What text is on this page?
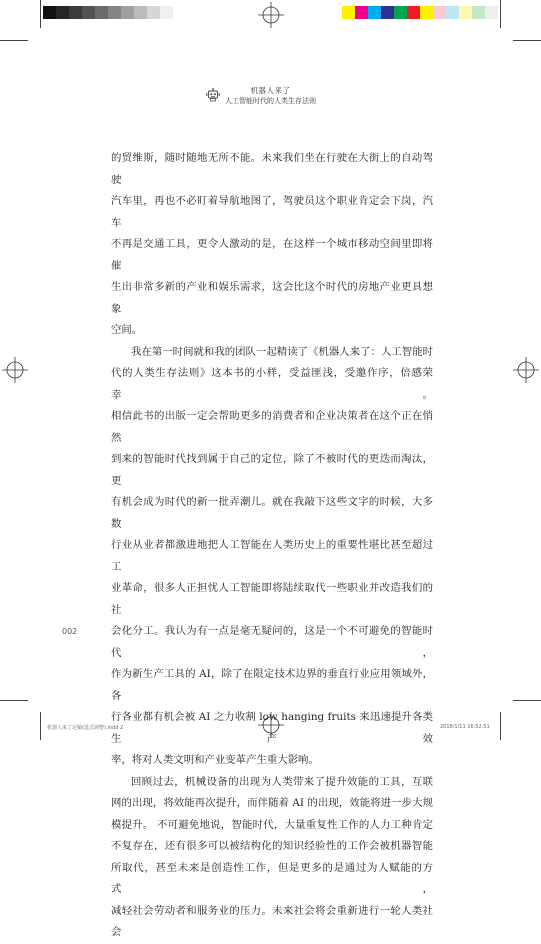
机器人来了
人工智能时代的人类生存法则

的贸维斯，随时随地无所不能。未来我们坐在行驶在大街上的自动驾驶

汽车里，再也不必盯着导航地图了，驾驶员这个职业肯定会下岗，汽车

不再是交通工具，更令人激动的是，在这样一个城市移动空间里即将催

生出非常多新的产业和娱乐需求，这会比这个时代的房地产业更具想象

空间。

我在第一时间就和我的团队一起精读了《机器人来了：人工智能时

代的人类生存法则》这本书的小样，受益匪浅，受邀作序，倍感荣幸。

相信此书的出版一定会帮助更多的消费者和企业决策者在这个正在悄然

到来的智能时代找到属于自己的定位，除了不被时代的更迭而淘汰，更

有机会成为时代的新一批弄潮儿。就在我敲下这些文字的时候，大多数

行业从业者都激进地把人工智能在人类历史上的重要性堪比甚至超过工

业革命，很多人正担忧人工智能即将陆续取代一些职业并改造我们的社

会化分工。我认为有一点是毫无疑问的，这是一个不可避免的智能时代，

作为新生产工具的 AI，除了在限定技术边界的垂直行业应用领域外，各

行各业都有机会被 AI 之力收割 low hanging fruits 来迅速提升各类生产效

率，将对人类文明和产业变革产生重大影响。

回顾过去，机械设备的出现为人类带来了提升效能的工具，互联

网的出现，将效能再次提升，而伴随着 AI 的出现，效能将进一步大规

模提升。 不可避免地说，智能时代，大量重复性工作的人力工种肯定

不复存在，还有很多可以被结构化的知识经验性的工作会被机器智能

所取代，甚至未来是创造性工作，但是更多的是通过为人赋能的方式，

减轻社会劳动者和服务业的压力。未来社会将会重新进行一轮人类社会

002
机器人来了定稿(选式调整).indd 2	2018/1/11 16:52:51
